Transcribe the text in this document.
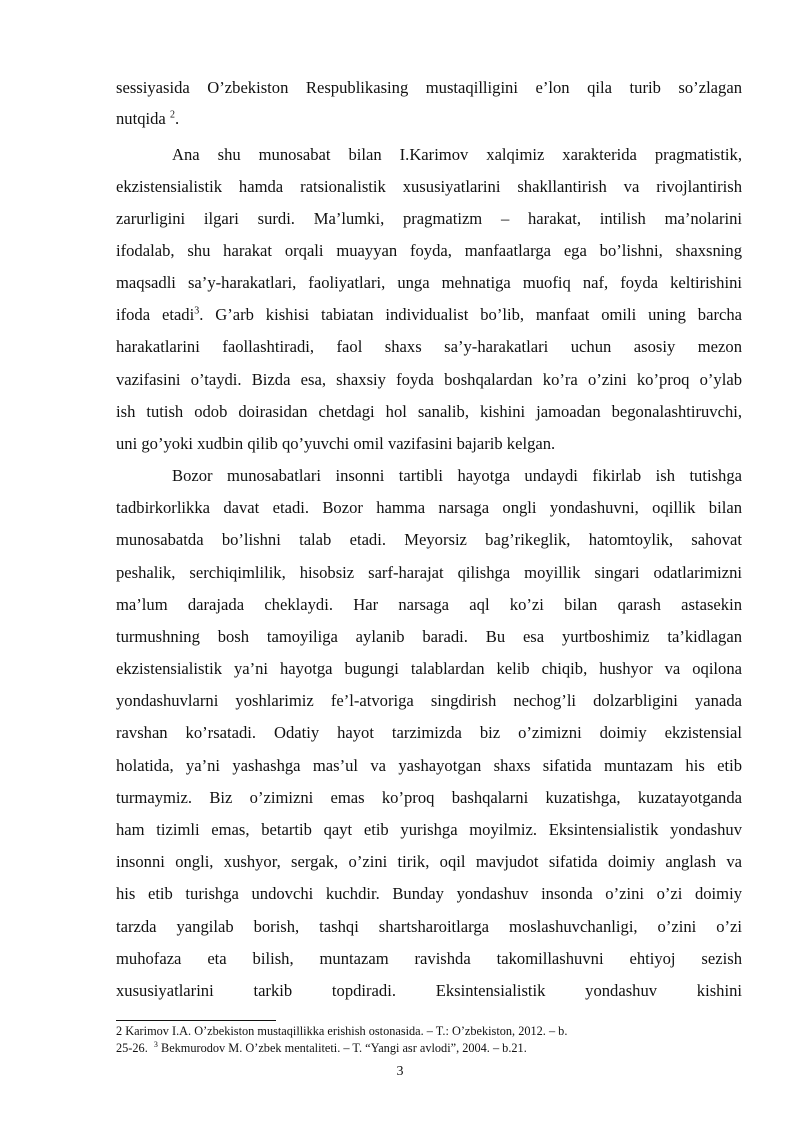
sessiyasida O’zbekiston Respublikasing mustaqilligini e’lon qila turib so’zlagan
nutqida $^2$.
Ana shu munosabat bilan I.Karimov xalqimiz xarakterida pragmatistik,
ekzistensialistik hamda ratsionalistik xususiyatlarini shakllantirish va rivojlantirish
zarurligini ilgari surdi. Ma’lumki, pragmatizm – harakat, intilish ma’nolarini
ifodalab, shu harakat orqali muayyan foyda, manfaatlarga ega bo’lishni, shaxsning
maqsadli sa’y-harakatlari, faoliyatlari, unga mehnatiga muofiq naf, foyda keltirishini
ifoda etadi$^3$. G’arb kishisi tabiatan individualist bo’lib, manfaat omili uning barcha
harakatlarini faollashtiradi, faol shaxs sa’y-harakatlari uchun asosiy mezon
vazifasini o’taydi. Bizda esa, shaxsiy foyda boshqalardan ko’ra o’zini ko’proq o’ylab
ish tutish odob doirasidan chetdagi hol sanalib, kishini jamoadan begonalashtiruvchi,
uni go’yoki xudbin qilib qo’yuvchi omil vazifasini bajarib kelgan.
Bozor munosabatlari insonni tartibli hayotga undaydi fikirlab ish tutishga
tadbirkorlikka davat etadi. Bozor hamma narsaga ongli yondashuvni, oqillik bilan
munosabatda bo’lishni talab etadi. Meyorsiz bag’rikeglik, hatomtoylik, sahovat
peshalik, serchiqimlilik, hisobsiz sarf-harajat qilishga moyillik singari odatlarimizni
ma’lum darajada cheklaydi. Har narsaga aql ko’zi bilan qarash astasekin
turmushning bosh tamoyiliga aylanib baradi. Bu esa yurtboshimiz ta’kidlagan
ekzistensialistik ya’ni hayotga bugungi talablardan kelib chiqib, hushyor va oqilona
yondashuvlarni yoshlarimiz fe’l-atvoriga singdirish nechog’li dolzarbligini yanada
ravshan ko’rsatadi. Odatiy hayot tarzimizda biz o’zimizni doimiy ekzistensial
holatida, ya’ni yashashga mas’ul va yashayotgan shaxs sifatida muntazam his etib
turmaymiz. Biz o’zimizni emas ko’proq bashqalarni kuzatishga, kuzatayotganda
ham tizimli emas, betartib qayt etib yurishga moyilmiz. Eksintensialistik yondashuv
insonni ongli, xushyor, sergak, o’zini tirik, oqil mavjudot sifatida doimiy anglash va
his etib turishga undovchi kuchdir. Bunday yondashuv insonda o’zini o’zi doimiy
tarzda yangilab borish, tashqi shartsharoitlarga moslashuvchanligi, o’zini o’zi
muhofaza eta bilish, muntazam ravishda takomillashuvni ehtiyoj sezish
xususiyatlarini tarkib topdiradi. Eksintensialistik yondashuv kishini
2 Karimov I.A. O’zbekiston mustaqillikka erishish ostonasida. – T.: O’zbekiston, 2012. – b.
25-26. $^3$ Bekmurodov M. O’zbek mentaliteti. – T. “Yangi asr avlodi”, 2004. – b.21.
3
